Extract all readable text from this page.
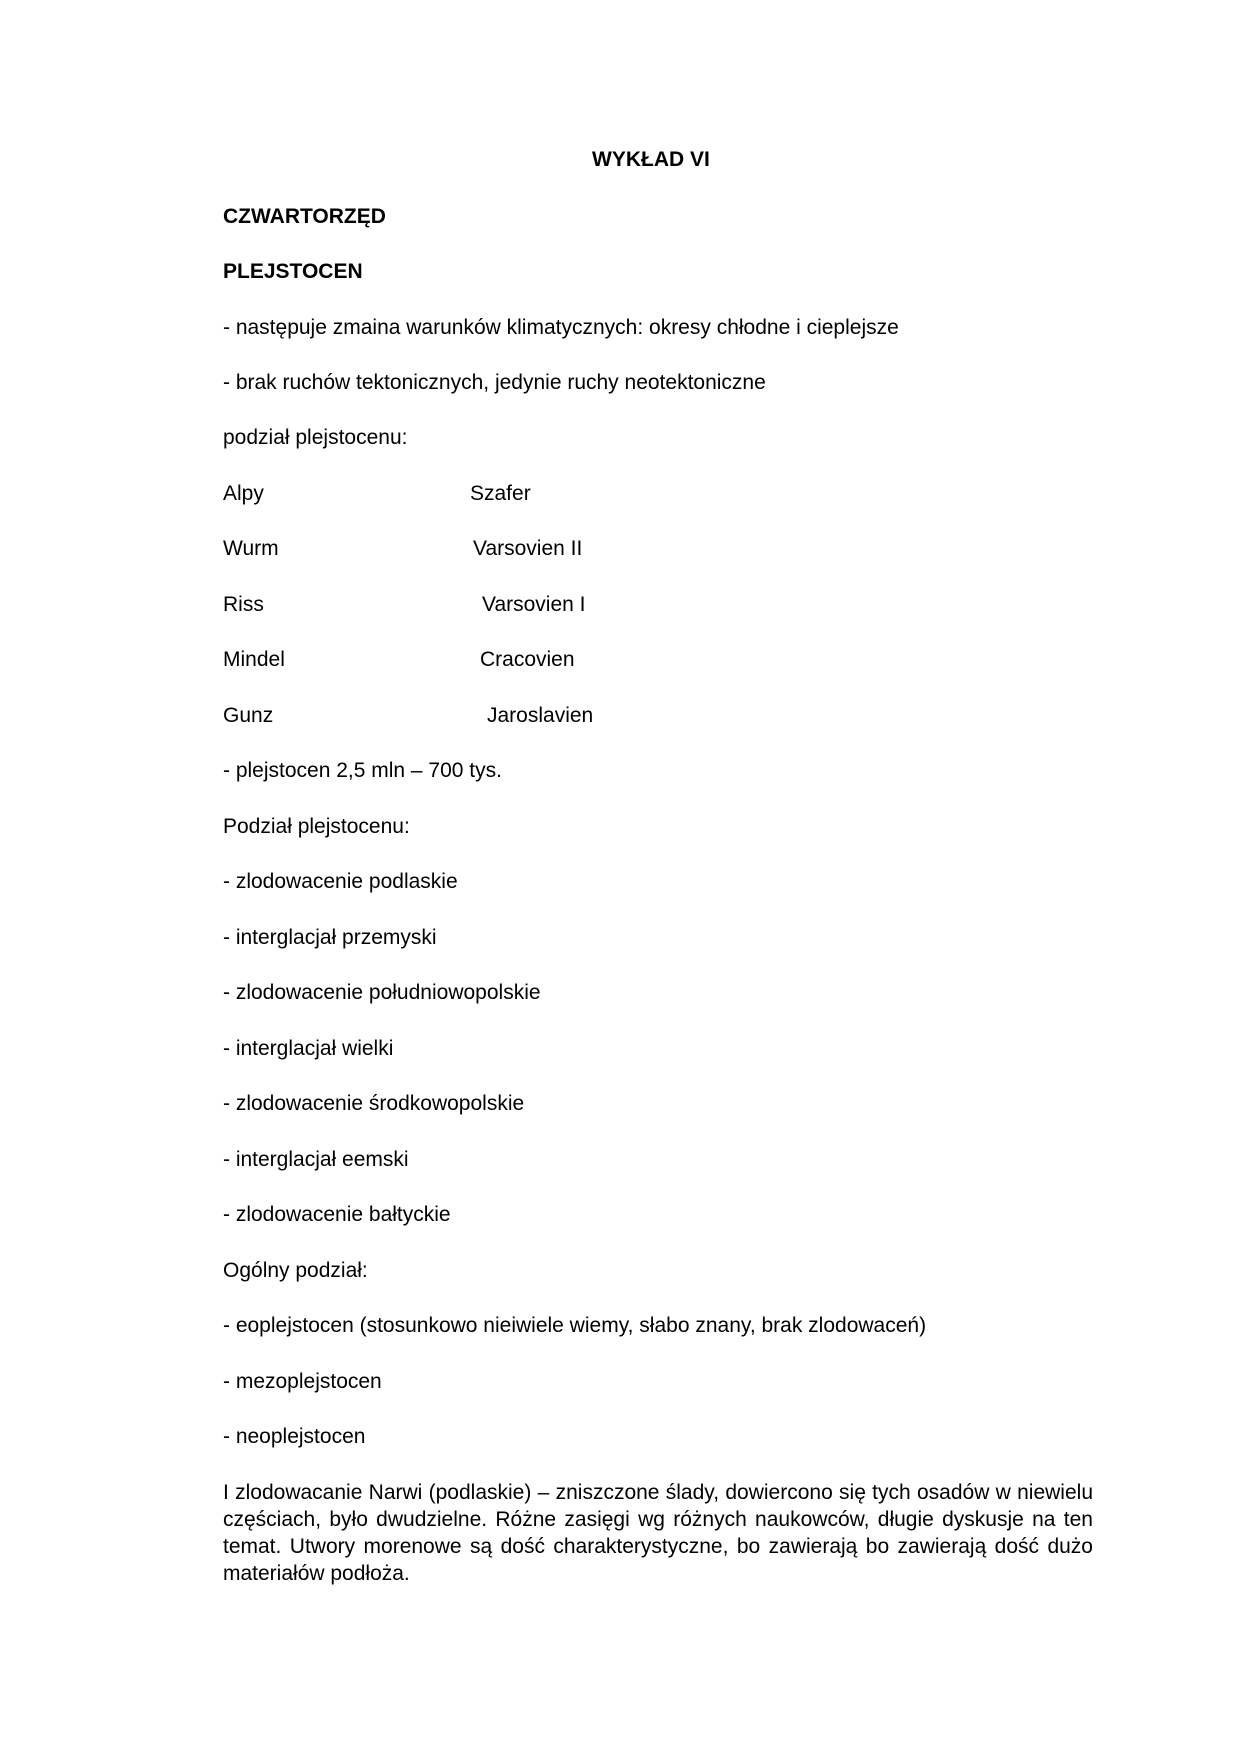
WYKŁAD VI
CZWARTORZĘD
PLEJSTOCEN
- następuje zmaina warunków klimatycznych: okresy chłodne i cieplejsze
- brak ruchów tektonicznych, jedynie ruchy neotektoniczne
podział plejstocenu:
Alpy	Szafer
Wurm	Varsovien II
Riss	Varsovien I
Mindel	Cracovien
Gunz	Jaroslavien
- plejstocen 2,5 mln – 700 tys.
Podział plejstocenu:
- zlodowacenie podlaskie
- interglacjał przemyski
- zlodowacenie południowopolskie
- interglacjał wielki
- zlodowacenie środkowopolskie
- interglacjał eemski
- zlodowacenie bałtyckie
Ogólny podział:
- eoplejstocen (stosunkowo nieiwiele wiemy, słabo znany, brak zlodowaceń)
- mezoplejstocen
- neoplejstocen
I zlodowacanie Narwi (podlaskie) – zniszczone ślady, dowiercono się tych osadów w niewielu częściach, było dwudzielne. Różne zasięgi wg różnych naukowców, długie dyskusje na ten temat. Utwory morenowe są dość charakterystyczne, bo zawierają bo zawierają dość dużo materiałów podłoża.
